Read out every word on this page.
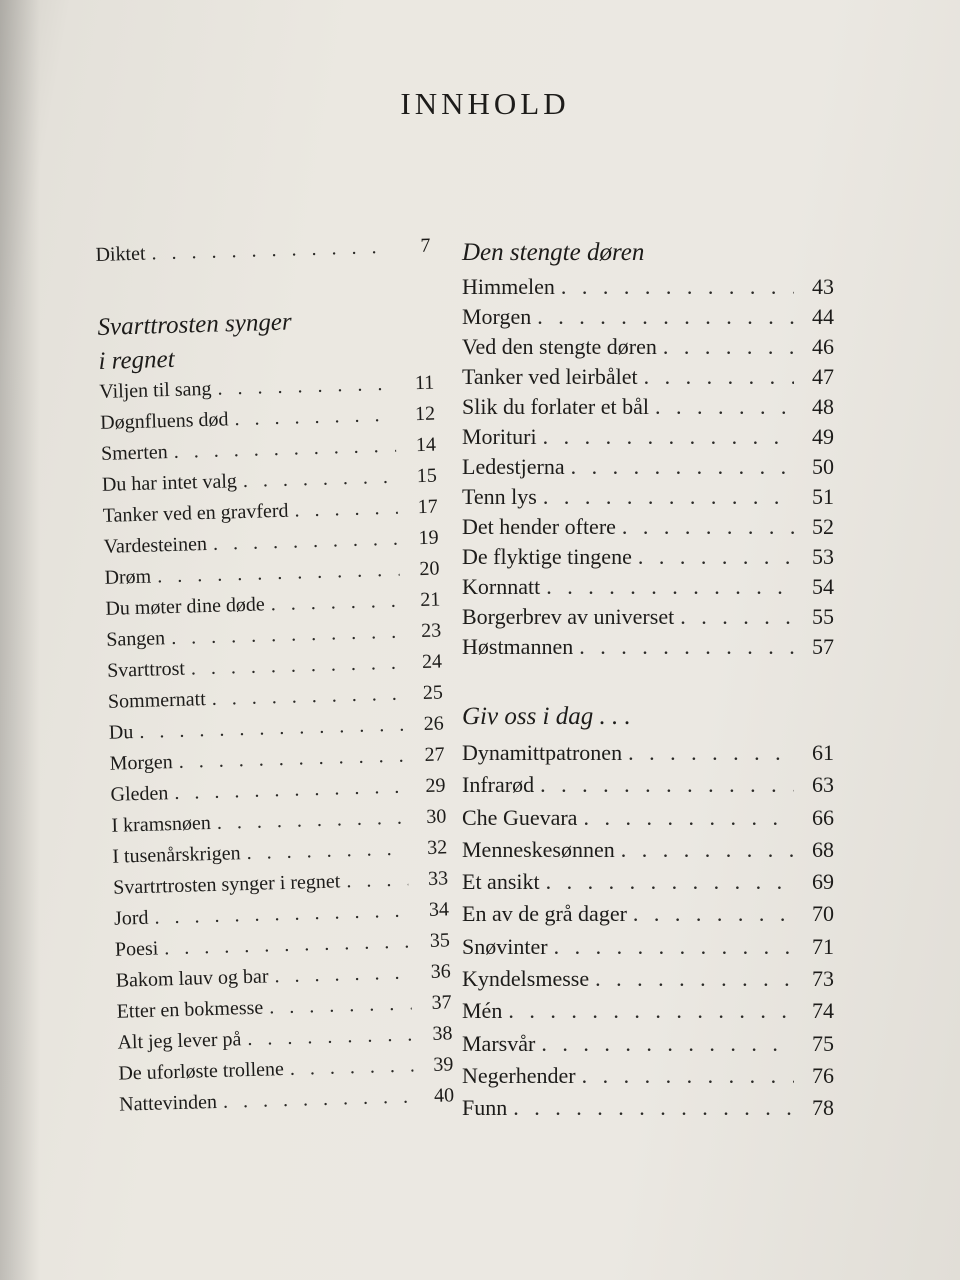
INNHOLD
Diktet . . .	7
Svarttrosten synger
i regnet
Viljen til sang . . .	11
Døgnfluens død . . .	12
Smerten . . .	14
Du har intet valg . . .	15
Tanker ved en gravferd . . .	17
Vardesteinen . . .	19
Drøm . . .	20
Du møter dine døde . . .	21
Sangen . . .	23
Svarttrost . . .	24
Sommernatt . . .	25
Du . . .	26
Morgen . . .	27
Gleden . . .	29
I kramsnøen . . .	30
I tusenårskrigen . . .	32
Svartrtrosten synger i regnet . . .	33
Jord . . .	34
Poesi . . .	35
Bakom lauv og bar . . .	36
Etter en bokmesse . . .	37
Alt jeg lever på . . .	38
De uforløste trollene . . .	39
Nattevinden . . .	40
Den stengte døren
Himmelen . . .	43
Morgen . . .	44
Ved den stengte døren . . .	46
Tanker ved leirbålet . . .	47
Slik du forlater et bål . . .	48
Morituri . . .	49
Ledestjerna . . .	50
Tenn lys . . .	51
Det hender oftere . . .	52
De flyktige tingene . . .	53
Kornnatt . . .	54
Borgerbrev av universet . . .	55
Høstmannen . . .	57
Giv oss i dag . . .
Dynamittpatronen . . .	61
Infrarød . . .	63
Che Guevara . . .	66
Menneskesønnen . . .	68
Et ansikt . . .	69
En av de grå dager . . .	70
Snøvinter . . .	71
Kyndelsmesse . . .	73
Mén . . .	74
Marsvår . . .	75
Negerhender . . .	76
Funn . . .	78
